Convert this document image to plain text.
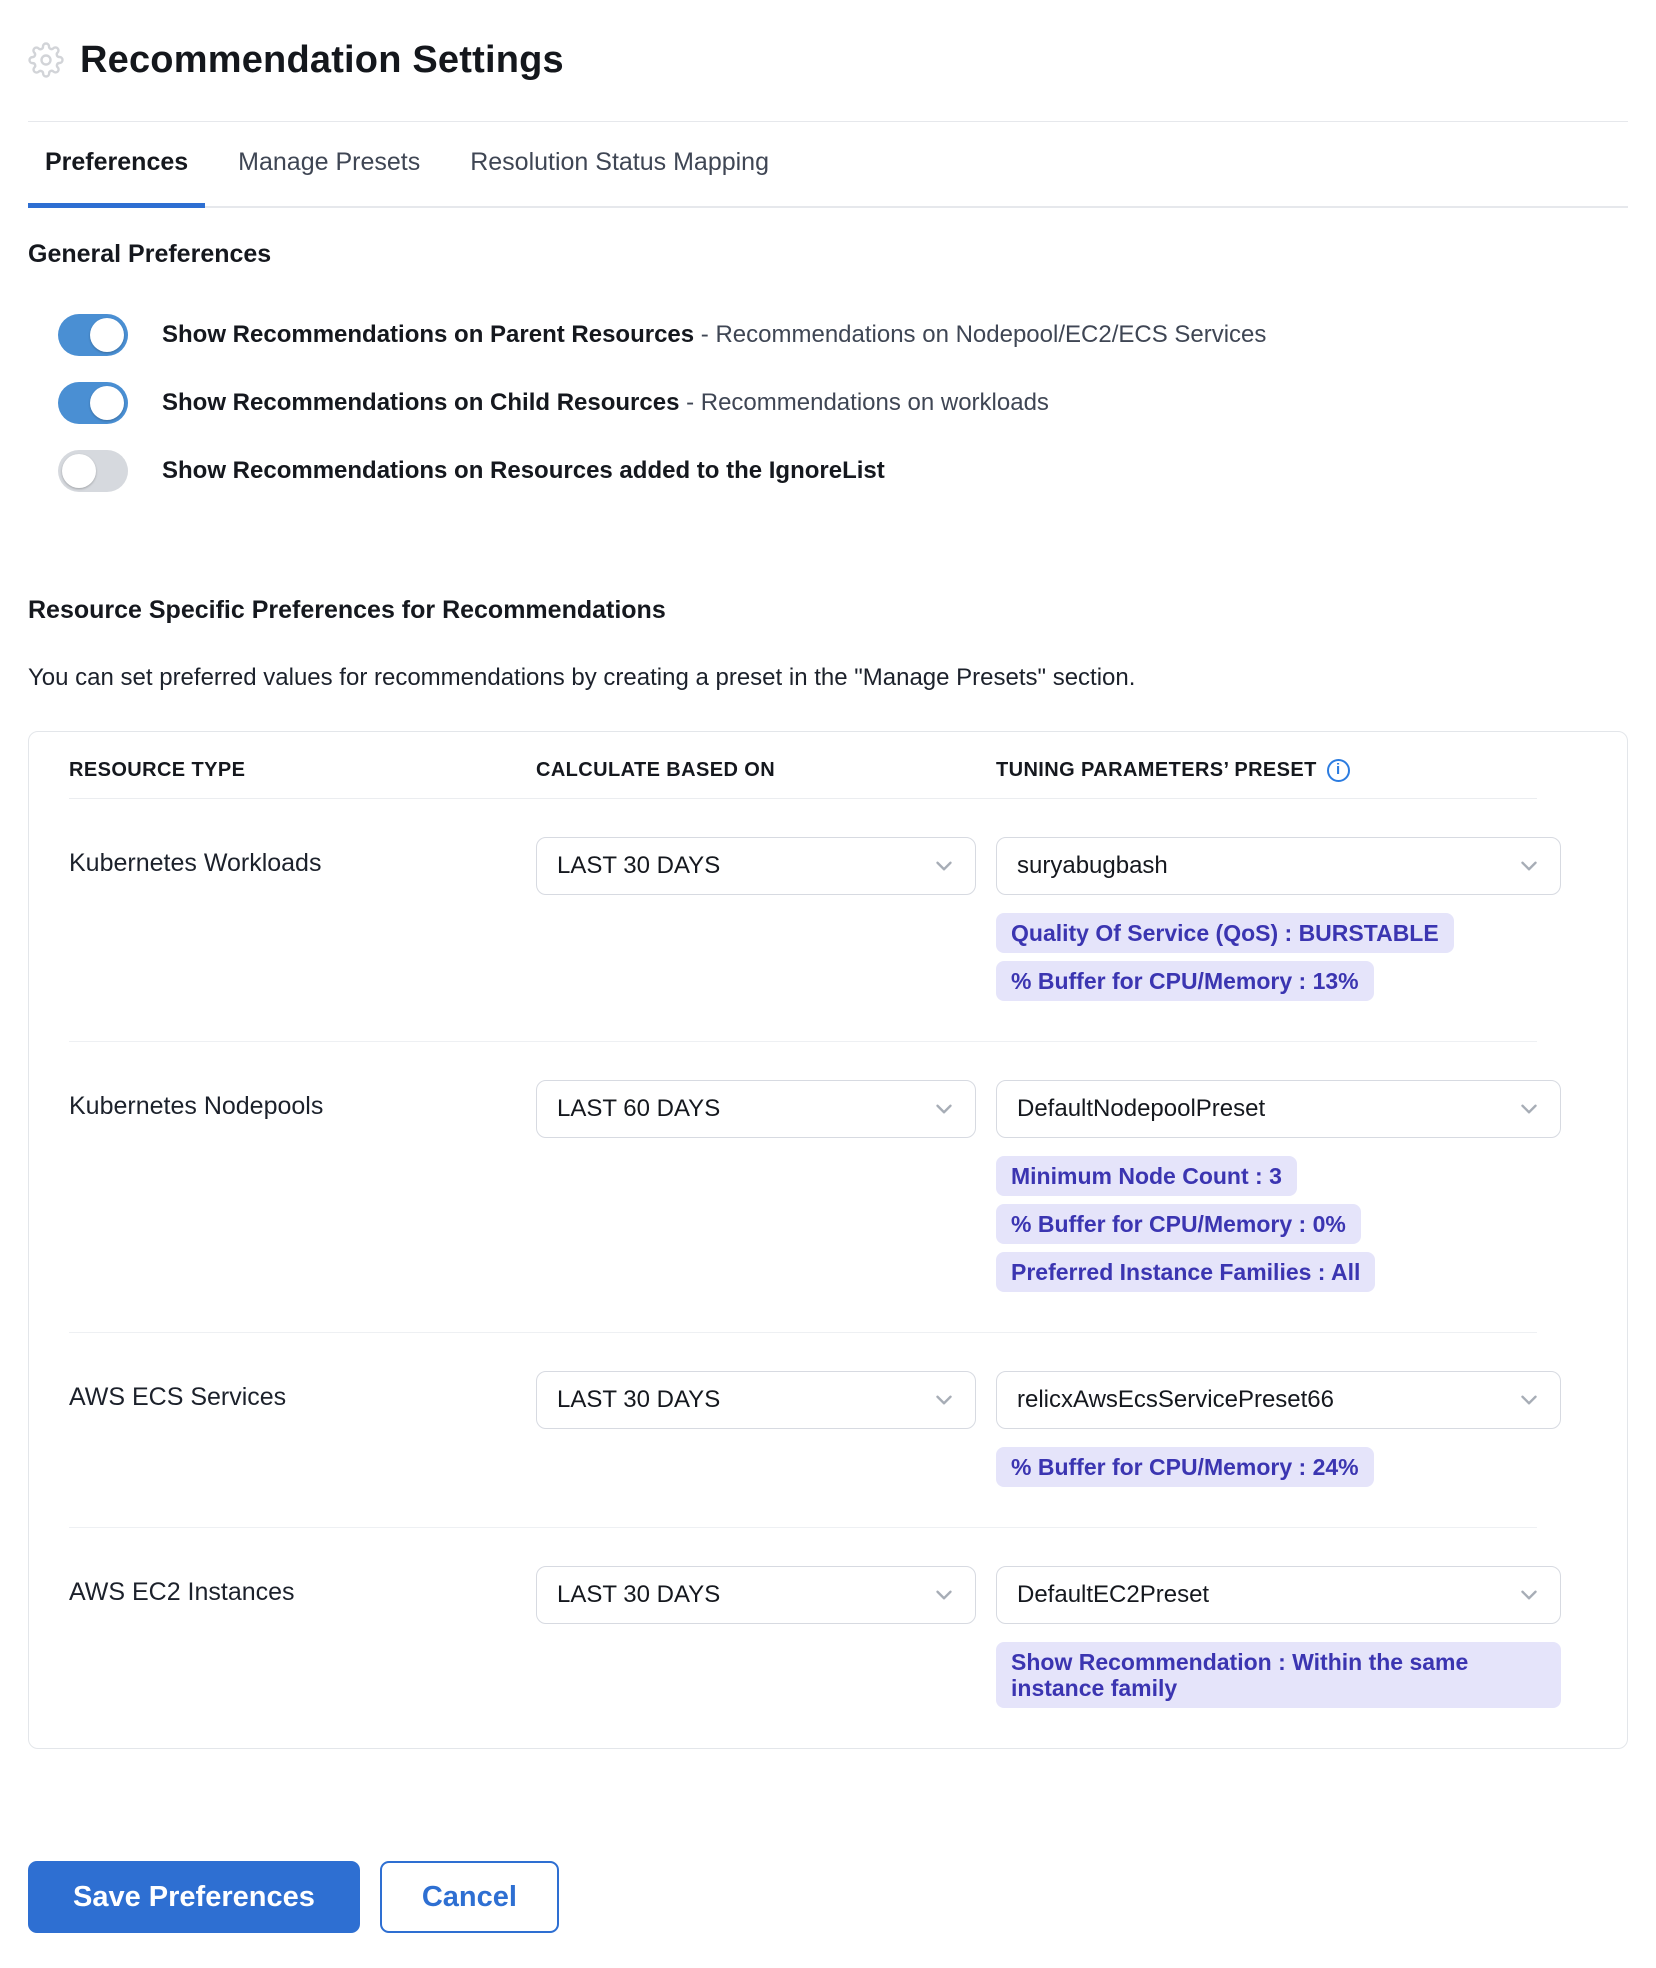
Recommendation Settings
Preferences	Manage Presets	Resolution Status Mapping
General Preferences
Show Recommendations on Parent Resources - Recommendations on Nodepool/EC2/ECS Services
Show Recommendations on Child Resources - Recommendations on workloads
Show Recommendations on Resources added to the IgnoreList
Resource Specific Preferences for Recommendations

You can set preferred values for recommendations by creating a preset in the "Manage Presets" section.

RESOURCE TYPE	CALCULATE BASED ON	TUNING PARAMETERS’ PRESET
i
Kubernetes Workloads	LAST 30 DAYS	suryabugbash
Quality Of Service (QoS) : BURSTABLE
% Buffer for CPU/Memory : 13%
Kubernetes Nodepools	LAST 60 DAYS	DefaultNodepoolPreset
Minimum Node Count : 3
% Buffer for CPU/Memory : 0%
Preferred Instance Families : All
AWS ECS Services	LAST 30 DAYS	relicxAwsEcsServicePreset66
% Buffer for CPU/Memory : 24%
AWS EC2 Instances	LAST 30 DAYS	DefaultEC2Preset
Show Recommendation : Within the same instance family
Save Preferences	Cancel
